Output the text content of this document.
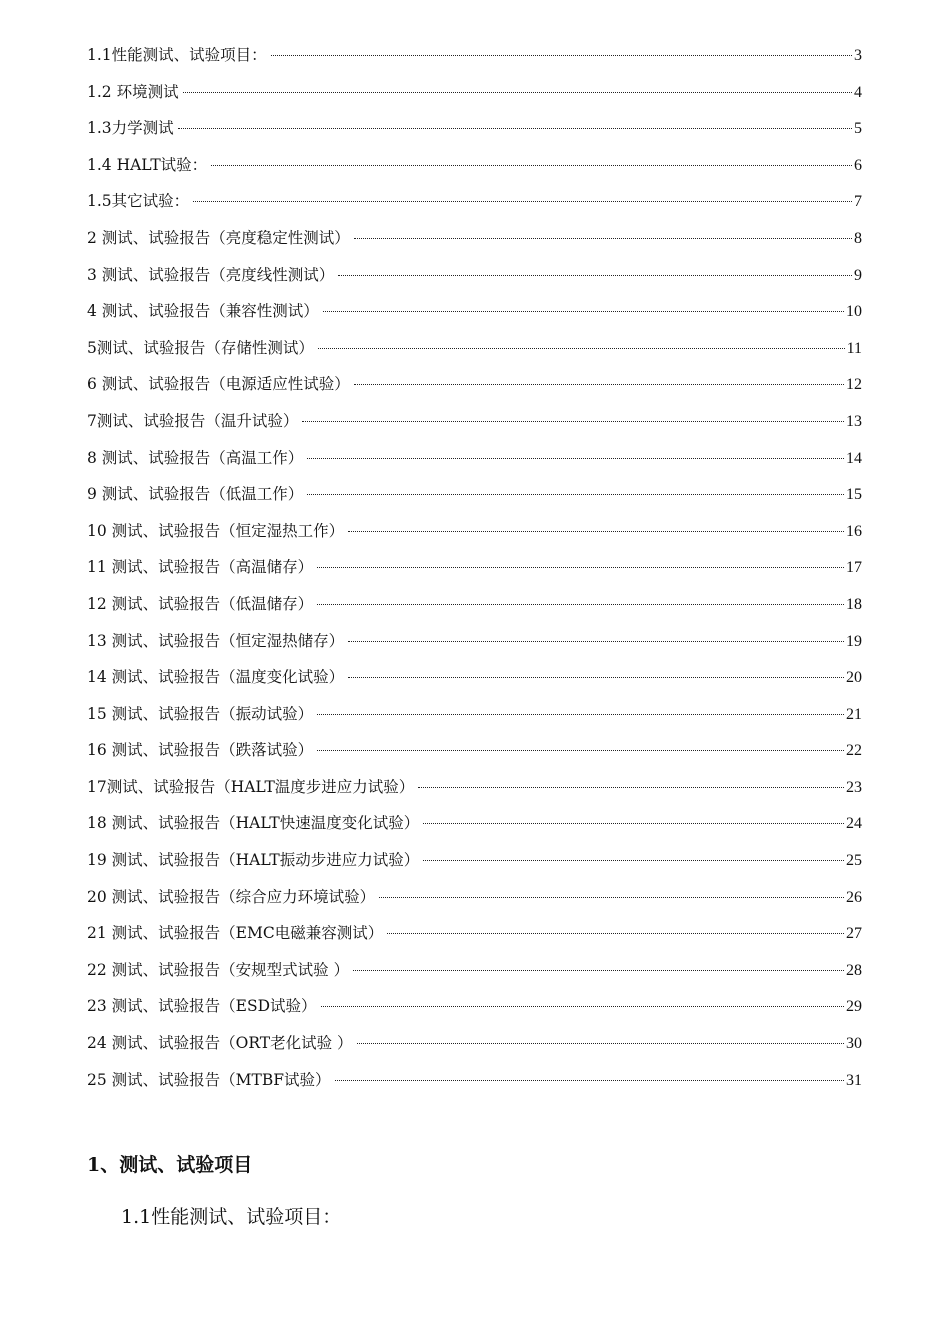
1.1性能测试、试验项目：	3
1.2 环境测试	4
1.3力学测试	5
1.4 HALT试验：	6
1.5其它试验：	7
2 测试、试验报告（亮度稳定性测试）	8
3 测试、试验报告（亮度线性测试）	9
4 测试、试验报告（兼容性测试）	10
5测试、试验报告（存储性测试）	11
6 测试、试验报告（电源适应性试验）	12
7测试、试验报告（温升试验）	13
8 测试、试验报告（高温工作）	14
9 测试、试验报告（低温工作）	15
10 测试、试验报告（恒定湿热工作）	16
11 测试、试验报告（高温储存）	17
12 测试、试验报告（低温储存）	18
13 测试、试验报告（恒定湿热储存）	19
14 测试、试验报告（温度变化试验）	20
15 测试、试验报告（振动试验）	21
16 测试、试验报告（跌落试验）	22
17测试、试验报告（HALT温度步进应力试验）	23
18 测试、试验报告（HALT快速温度变化试验）	24
19 测试、试验报告（HALT振动步进应力试验）	25
20 测试、试验报告（综合应力环境试验）	26
21 测试、试验报告（EMC电磁兼容测试）	27
22 测试、试验报告（安规型式试验 ）	28
23 测试、试验报告（ESD试验）	29
24 测试、试验报告（ORT老化试验 ）	30
25 测试、试验报告（MTBF试验）	31
1、测试、试验项目
1.1性能测试、试验项目：
